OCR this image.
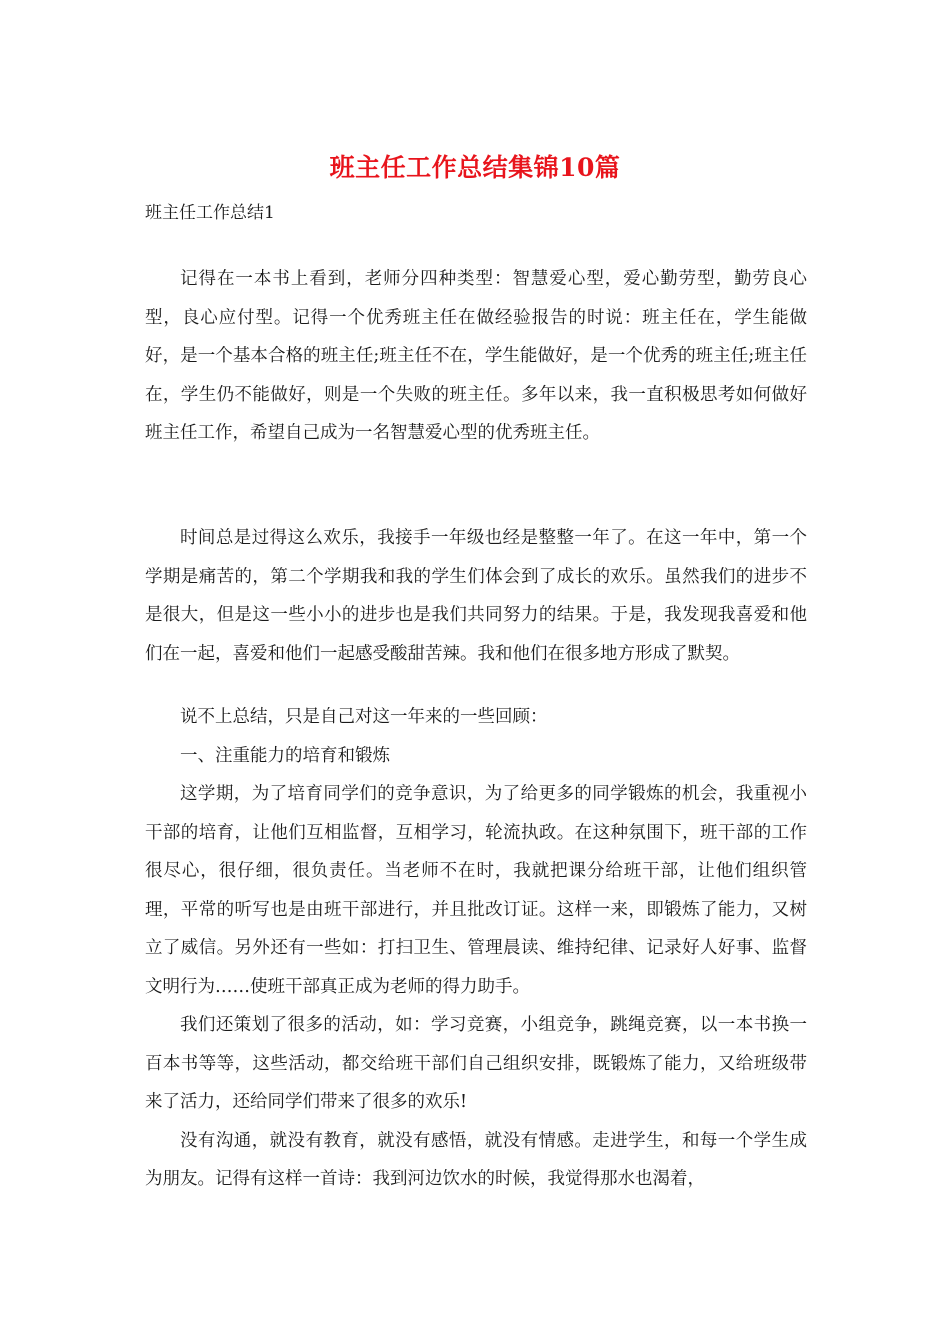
班主任工作总结集锦10篇
班主任工作总结1

记得在一本书上看到，老师分四种类型：智慧爱心型，爱心勤劳型，勤劳良心型，良心应付型。记得一个优秀班主任在做经验报告的时说：班主任在，学生能做好，是一个基本合格的班主任;班主任不在，学生能做好，是一个优秀的班主任;班主任在，学生仍不能做好，则是一个失败的班主任。多年以来，我一直积极思考如何做好班主任工作，希望自己成为一名智慧爱心型的优秀班主任。

时间总是过得这么欢乐，我接手一年级也经是整整一年了。在这一年中，第一个学期是痛苦的，第二个学期我和我的学生们体会到了成长的欢乐。虽然我们的进步不是很大，但是这一些小小的进步也是我们共同努力的结果。于是，我发现我喜爱和他们在一起，喜爱和他们一起感受酸甜苦辣。我和他们在很多地方形成了默契。

说不上总结，只是自己对这一年来的一些回顾：

一、注重能力的培育和锻炼

这学期，为了培育同学们的竞争意识，为了给更多的同学锻炼的机会，我重视小干部的培育，让他们互相监督，互相学习，轮流执政。在这种氛围下，班干部的工作很尽心，很仔细，很负责任。当老师不在时，我就把课分给班干部，让他们组织管理，平常的听写也是由班干部进行，并且批改订证。这样一来，即锻炼了能力，又树立了威信。另外还有一些如：打扫卫生、管理晨读、维持纪律、记录好人好事、监督文明行为……使班干部真正成为老师的得力助手。

我们还策划了很多的活动，如：学习竞赛，小组竞争，跳绳竞赛，以一本书换一百本书等等，这些活动，都交给班干部们自己组织安排，既锻炼了能力，又给班级带来了活力，还给同学们带来了很多的欢乐!

没有沟通，就没有教育，就没有感悟，就没有情感。走进学生，和每一个学生成为朋友。记得有这样一首诗：我到河边饮水的时候，我觉得那水也渴着，
